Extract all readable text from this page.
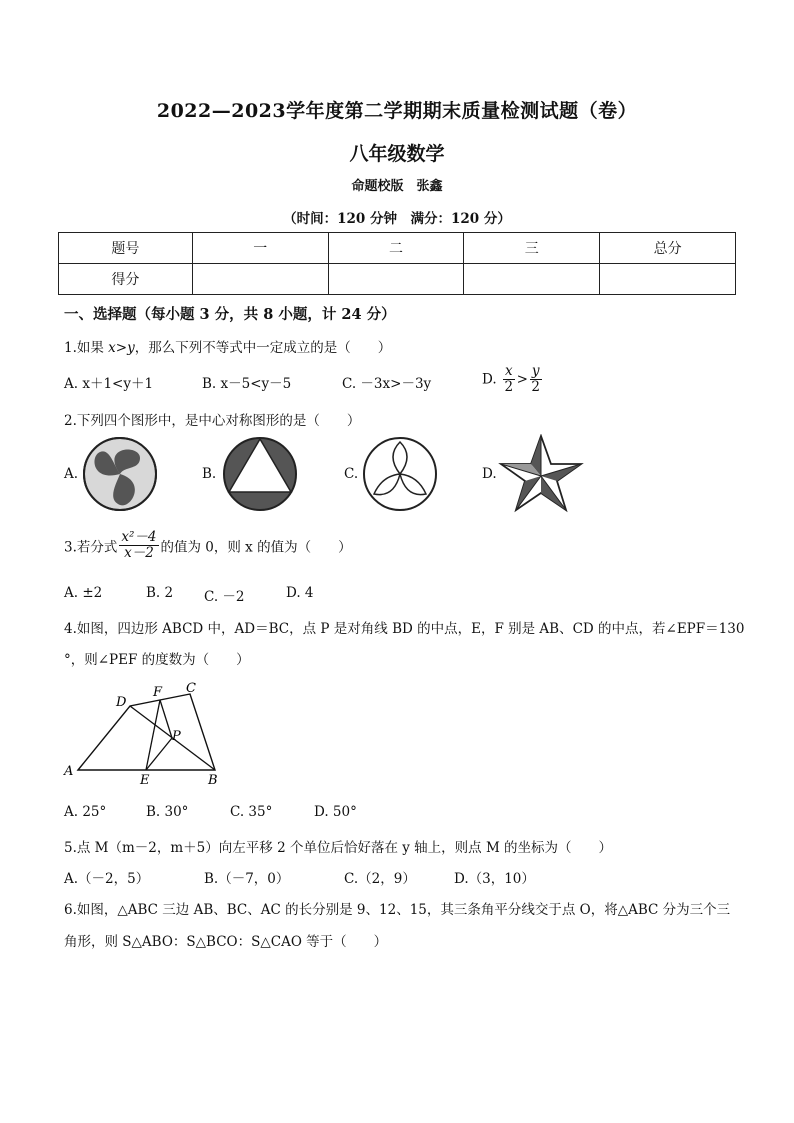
2022—2023学年度第二学期期末质量检测试题（卷）
八年级数学
命题校版　张鑫
（时间：120 分钟　满分：120 分）
题号	一	二	三	总分
得分				
一、选择题（每小题 3 分，共 8 小题，计 24 分）
1.如果 x>y，那么下列不等式中一定成立的是（　　）
A. x＋1<y＋1	B. x－5<y－5	C. －3x>－3y	D. $\frac{x}{2} > \frac{y}{2}$
2.下列四个图形中，是中心对称图形的是（　　）
A.	B.	C.	D.
3.若分式 $\frac{\text{x²－4}}{x-2}$ 的值为 0，则 x 的值为（　　）
A. ±2	B. 2 C. －2	D. 4
4.如图，四边形 ABCD 中，AD＝BC，点 P 是对角线 BD 的中点，E，F 别是 AB、CD 的中点，若∠EPF＝130
°，则∠PEF 的度数为（　　）
A
D
F C
P
E	B
A. 25°	B. 30°	C. 35°	D. 50°
5.点 M（m－2，m＋5）向左平移 2 个单位后恰好落在 y 轴上，则点 M 的坐标为（　　）
A.（－2，5）	B.（－7，0）	C.（2，9）	D.（3，10）
6.如图，△ABC 三边 AB、BC、AC 的长分别是 9、12、15，其三条角平分线交于点 O，将△ABC 分为三个三
角形，则 S△ABO：S△BCO：S△CAO 等于（　　）
